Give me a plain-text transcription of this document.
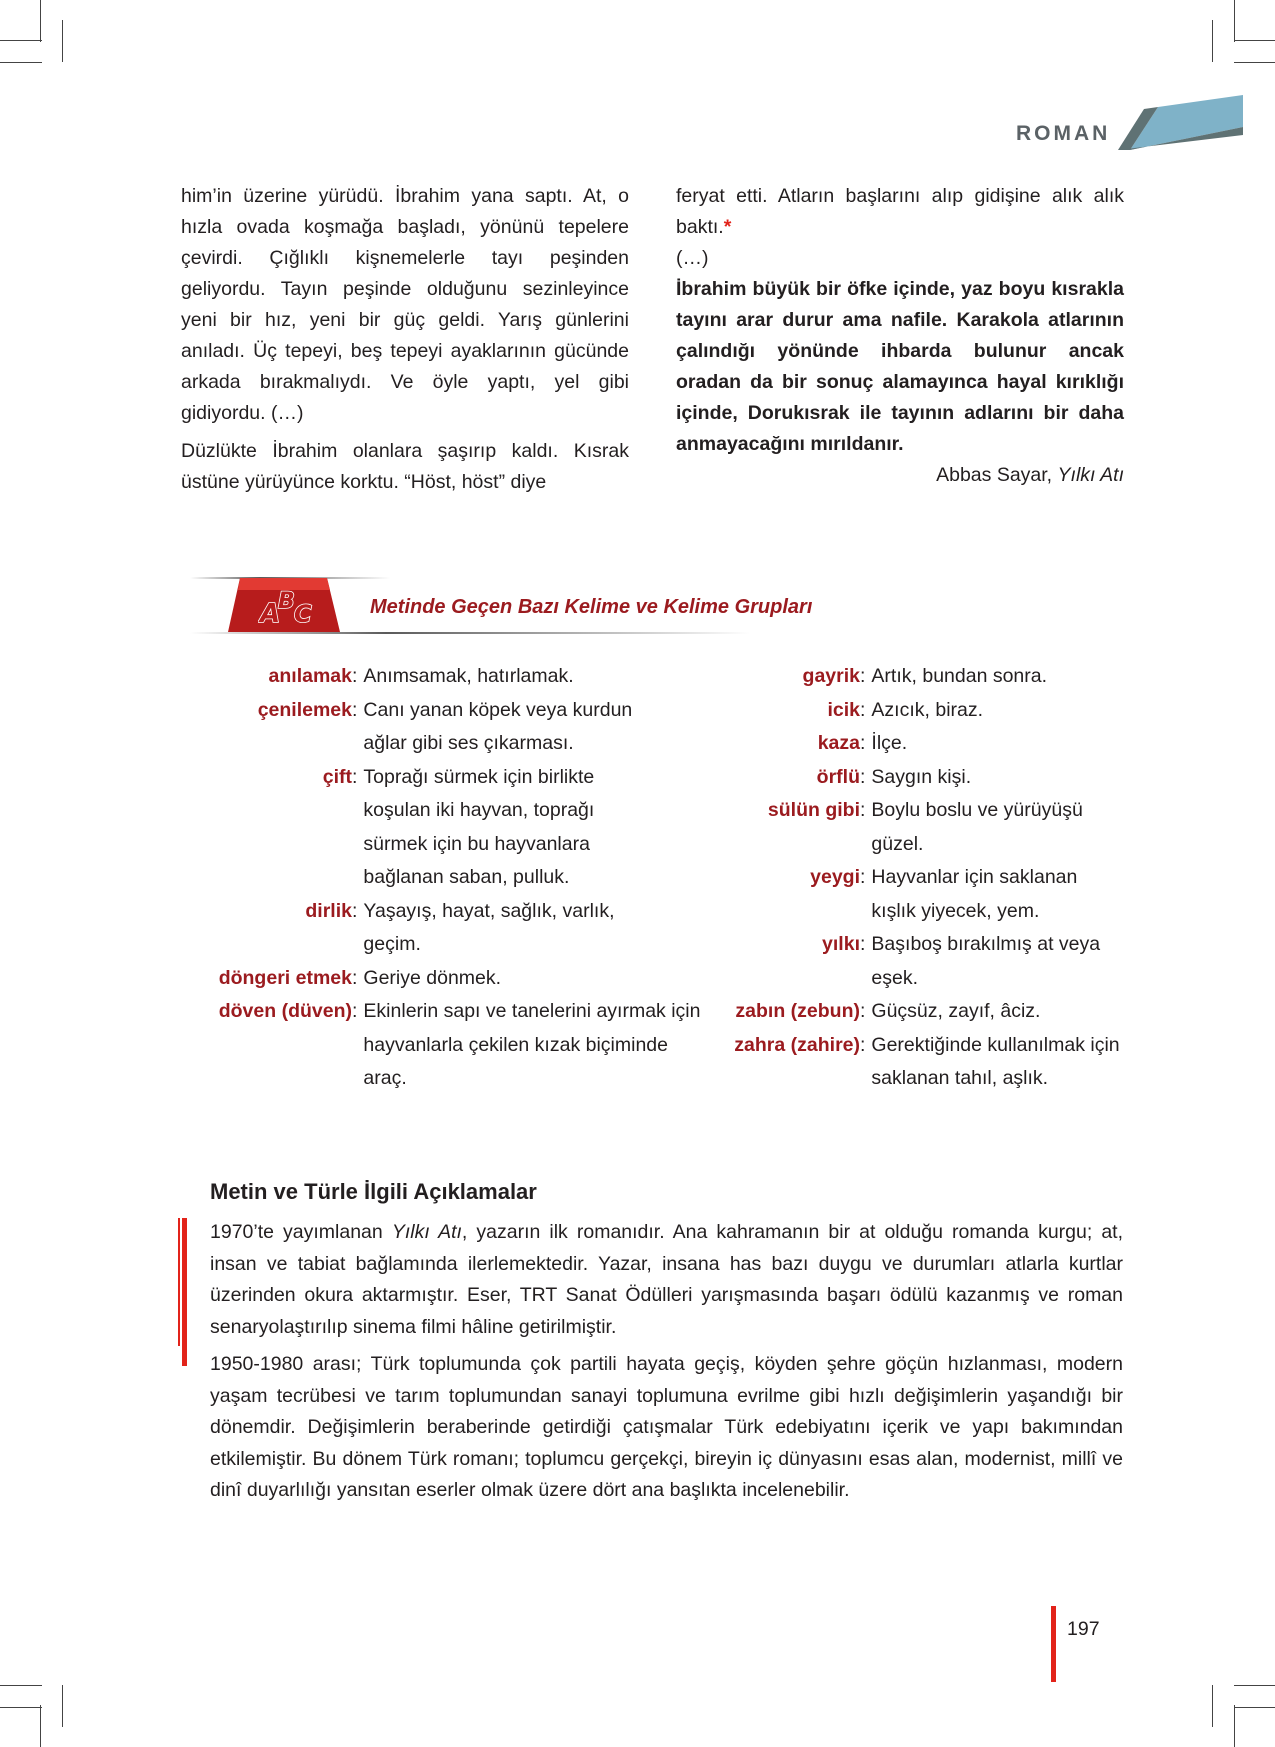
ROMAN

him’in üzerine yürüdü. İbrahim yana saptı. At, o hızla ovada koşmağa başladı, yönünü tepelere çevirdi. Çığlıklı kişnemelerle tayı peşinden geliyordu. Tayın peşinde olduğunu sezinleyince yeni bir hız, yeni bir güç geldi. Yarış günlerini anıladı. Üç tepeyi, beş tepeyi ayaklarının gücünde arkada bırakmalıydı. Ve öyle yaptı, yel gibi gidiyordu. (…)

Düzlükte İbrahim olanlara şaşırıp kaldı. Kısrak üstüne yürüyünce korktu. “Höst, höst” diye

feryat etti. Atların başlarını alıp gidişine alık alık baktı.*

(…)

İbrahim büyük bir öfke içinde, yaz boyu kısrakla tayını arar durur ama nafile. Karakola atlarının çalındığı yönünde ihbarda bulunur ancak oradan da bir sonuç alamayınca hayal kırıklığı içinde, Dorukısrak ile tayının adlarını bir daha anmayacağını mırıldanır.

Abbas Sayar, Yılkı Atı

A
B C	Metinde Geçen Bazı Kelime ve Kelime Grupları
anılamak : Anımsamak, hatırlamak.
çenilemek : Canı yanan köpek veya kurdun ağlar gibi ses çıkarması.
çift : Toprağı sürmek için birlikte koşulan iki hayvan, toprağı sürmek için bu hayvanlara bağlanan saban, pulluk.
dirlik : Yaşayış, hayat, sağlık, varlık, geçim.
döngeri etmek : Geriye dönmek.
döven (düven) : Ekinlerin sapı ve tanelerini ayırmak için hayvanlarla çekilen kızak biçiminde araç.
gayrik : Artık, bundan sonra.
icik : Azıcık, biraz.
kaza : İlçe.
örflü : Saygın kişi.
sülün gibi : Boylu boslu ve yürüyüşü güzel.
yeygi : Hayvanlar için saklanan kışlık yiyecek, yem.
yılkı : Başıboş bırakılmış at veya eşek.
zabın (zebun) : Güçsüz, zayıf, âciz.
zahra (zahire) : Gerektiğinde kullanılmak için saklanan tahıl, aşlık.
Metin ve Türle İlgili Açıklamalar

1970’te yayımlanan Yılkı Atı, yazarın ilk romanıdır. Ana kahramanın bir at olduğu romanda kurgu; at, insan ve tabiat bağlamında ilerlemektedir. Yazar, insana has bazı duygu ve durumları atlarla kurtlar üzerinden okura aktarmıştır. Eser, TRT Sanat Ödülleri yarışmasında başarı ödülü kazanmış ve roman senaryolaştırılıp sinema filmi hâline getirilmiştir.

1950-1980 arası; Türk toplumunda çok partili hayata geçiş, köyden şehre göçün hızlanması, modern yaşam tecrübesi ve tarım toplumundan sanayi toplumuna evrilme gibi hızlı değişimlerin yaşandığı bir dönemdir. Değişimlerin beraberinde getirdiği çatışmalar Türk edebiyatını içerik ve yapı bakımından etkilemiştir. Bu dönem Türk romanı; toplumcu gerçekçi, bireyin iç dünyasını esas alan, modernist, millî ve dinî duyarlılığı yansıtan eserler olmak üzere dört ana başlıkta incelenebilir.

197
